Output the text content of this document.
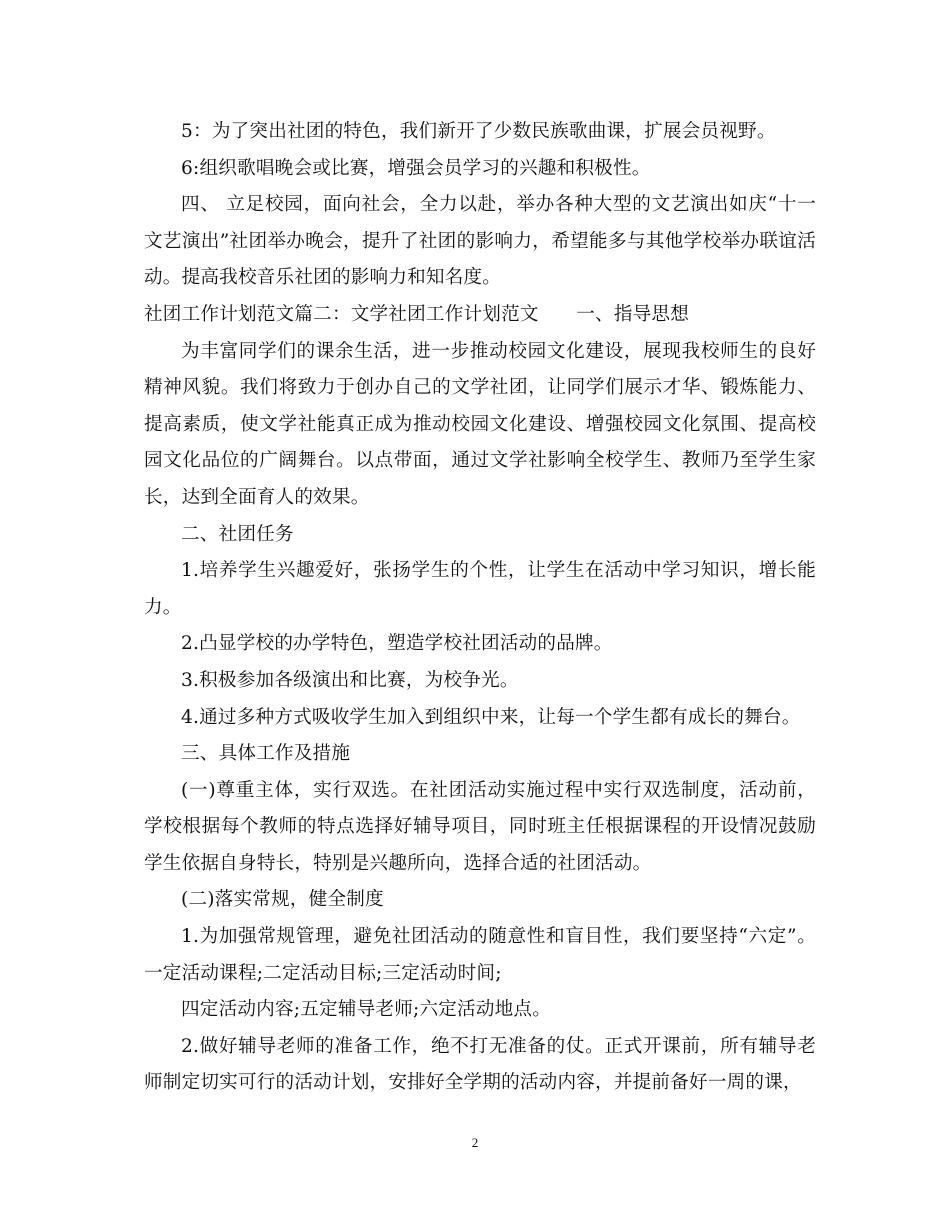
5：为了突出社团的特色，我们新开了少数民族歌曲课，扩展会员视野。

6:组织歌唱晚会或比赛，增强会员学习的兴趣和积极性。

四、 立足校园，面向社会，全力以赴，举办各种大型的文艺演出如庆“十一文艺演出”社团举办晚会，提升了社团的影响力，希望能多与其他学校举办联谊活动。提高我校音乐社团的影响力和知名度。

社团工作计划范文篇二：文学社团工作计划范文　　一、指导思想

为丰富同学们的课余生活，进一步推动校园文化建设，展现我校师生的良好精神风貌。我们将致力于创办自己的文学社团，让同学们展示才华、锻炼能力、提高素质，使文学社能真正成为推动校园文化建设、增强校园文化氛围、提高校园文化品位的广阔舞台。以点带面，通过文学社影响全校学生、教师乃至学生家长，达到全面育人的效果。

二、社团任务

1.培养学生兴趣爱好，张扬学生的个性，让学生在活动中学习知识，增长能力。

2.凸显学校的办学特色，塑造学校社团活动的品牌。

3.积极参加各级演出和比赛，为校争光。

4.通过多种方式吸收学生加入到组织中来，让每一个学生都有成长的舞台。

三、具体工作及措施

(一)尊重主体，实行双选。在社团活动实施过程中实行双选制度，活动前，学校根据每个教师的特点选择好辅导项目，同时班主任根据课程的开设情况鼓励学生依据自身特长，特别是兴趣所向，选择合适的社团活动。

(二)落实常规，健全制度

1.为加强常规管理，避免社团活动的随意性和盲目性，我们要坚持“六定”。一定活动课程;二定活动目标;三定活动时间;

四定活动内容;五定辅导老师;六定活动地点。

2.做好辅导老师的准备工作，绝不打无准备的仗。正式开课前，所有辅导老师制定切实可行的活动计划，安排好全学期的活动内容，并提前备好一周的课，

2
